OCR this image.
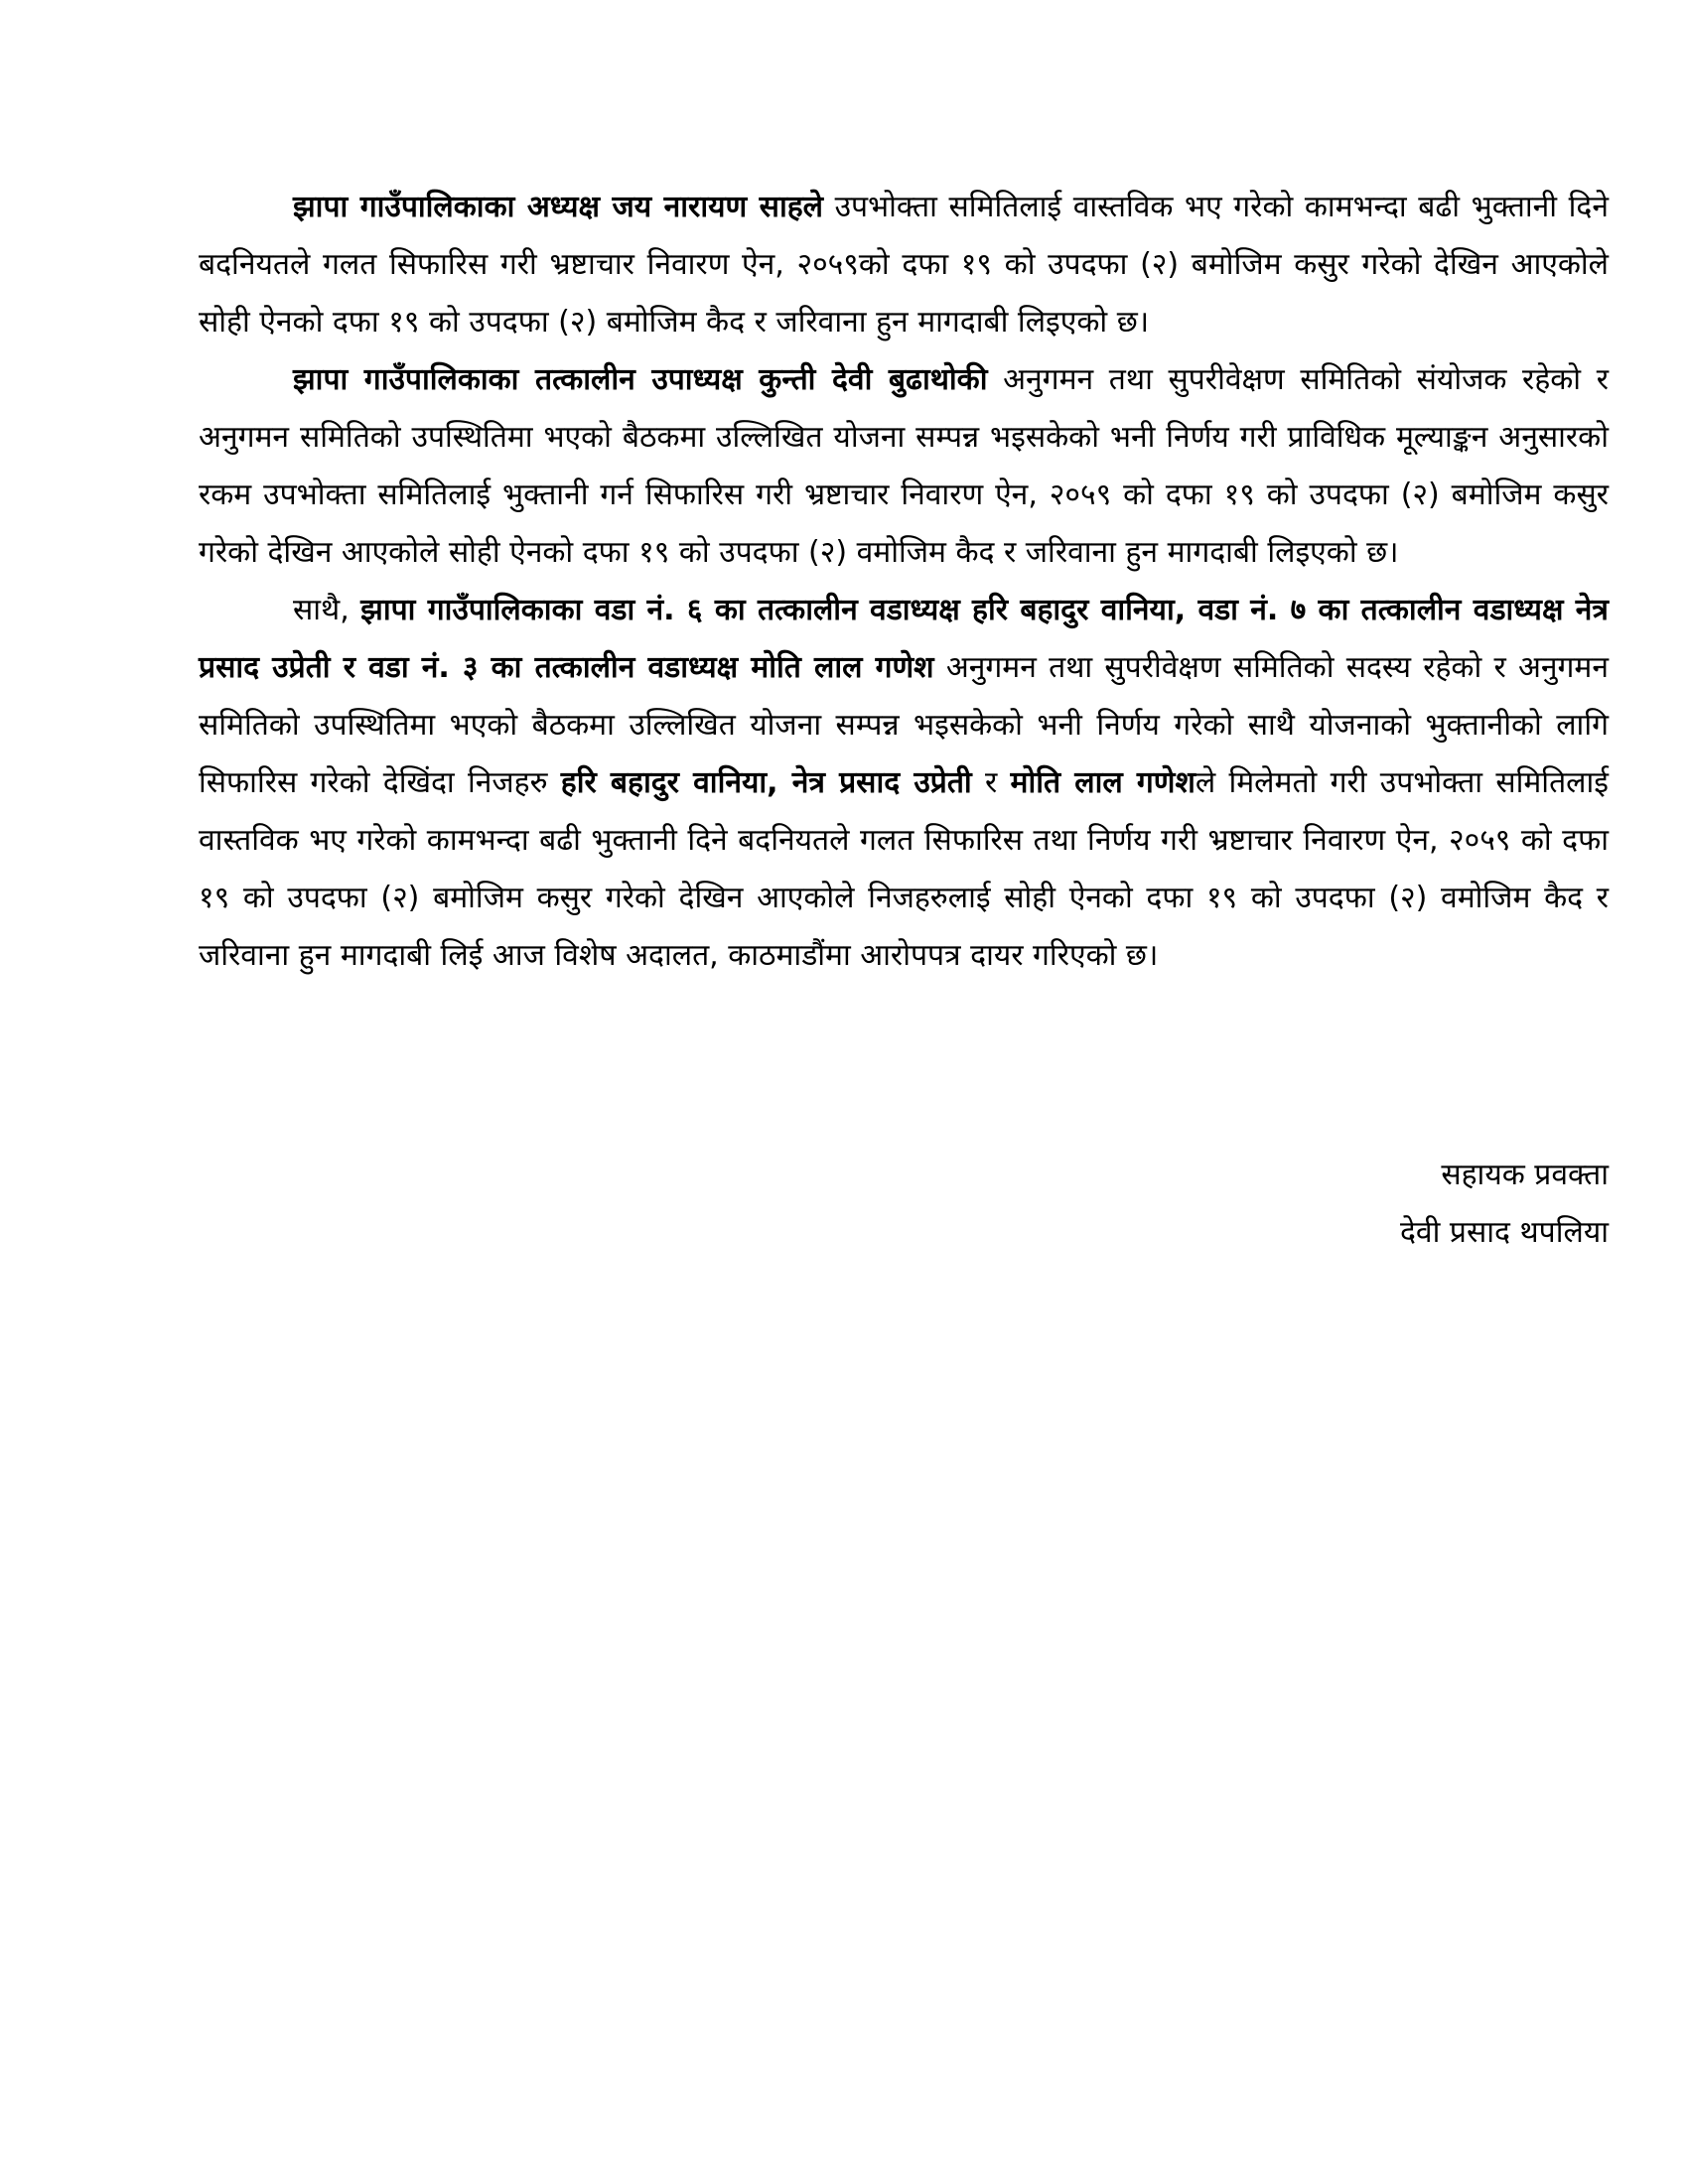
झापा गाउँपालिकाका अध्यक्ष जय नारायण साहले उपभोक्ता समितिलाई वास्तविक भए गरेको कामभन्दा बढी भुक्तानी दिने बदनियतले गलत सिफारिस गरी भ्रष्टाचार निवारण ऐन, २०५९को दफा १९ को उपदफा (२) बमोजिम कसुर गरेको देखिन आएकोले सोही ऐनको दफा १९ को उपदफा (२) बमोजिम कैद र जरिवाना हुन मागदाबी लिइएको छ।

झापा गाउँपालिकाका तत्कालीन उपाध्यक्ष कुन्ती देवी बुढाथोकी अनुगमन तथा सुपरीवेक्षण समितिको संयोजक रहेको र अनुगमन समितिको उपस्थितिमा भएको बैठकमा उल्लिखित योजना सम्पन्न भइसकेको भनी निर्णय गरी प्राविधिक मूल्याङ्कन अनुसारको रकम उपभोक्ता समितिलाई भुक्तानी गर्न सिफारिस गरी भ्रष्टाचार निवारण ऐन, २०५९ को दफा १९ को उपदफा (२) बमोजिम कसुर गरेको देखिन आएकोले सोही ऐनको दफा १९ को उपदफा (२) वमोजिम कैद र जरिवाना हुन मागदाबी लिइएको छ।

साथै, झापा गाउँपालिकाका वडा नं. ६ का तत्कालीन वडाध्यक्ष हरि बहादुर वानिया, वडा नं. ७ का तत्कालीन वडाध्यक्ष नेत्र प्रसाद उप्रेती र वडा नं. ३ का तत्कालीन वडाध्यक्ष मोति लाल गणेश अनुगमन तथा सुपरीवेक्षण समितिको सदस्य रहेको र अनुगमन समितिको उपस्थितिमा भएको बैठकमा उल्लिखित योजना सम्पन्न भइसकेको भनी निर्णय गरेको साथै योजनाको भुक्तानीको लागि सिफारिस गरेको देखिंदा निजहरु हरि बहादुर वानिया, नेत्र प्रसाद उप्रेती र मोति लाल गणेशले मिलेमतो गरी उपभोक्ता समितिलाई वास्तविक भए गरेको कामभन्दा बढी भुक्तानी दिने बदनियतले गलत सिफारिस तथा निर्णय गरी भ्रष्टाचार निवारण ऐन, २०५९ को दफा १९ को उपदफा (२) बमोजिम कसुर गरेको देखिन आएकोले निजहरुलाई सोही ऐनको दफा १९ को उपदफा (२) वमोजिम कैद र जरिवाना हुन मागदाबी लिई आज विशेष अदालत, काठमाडौंमा आरोपपत्र दायर गरिएको छ।

सहायक प्रवक्ता
देवी प्रसाद थपलिया
